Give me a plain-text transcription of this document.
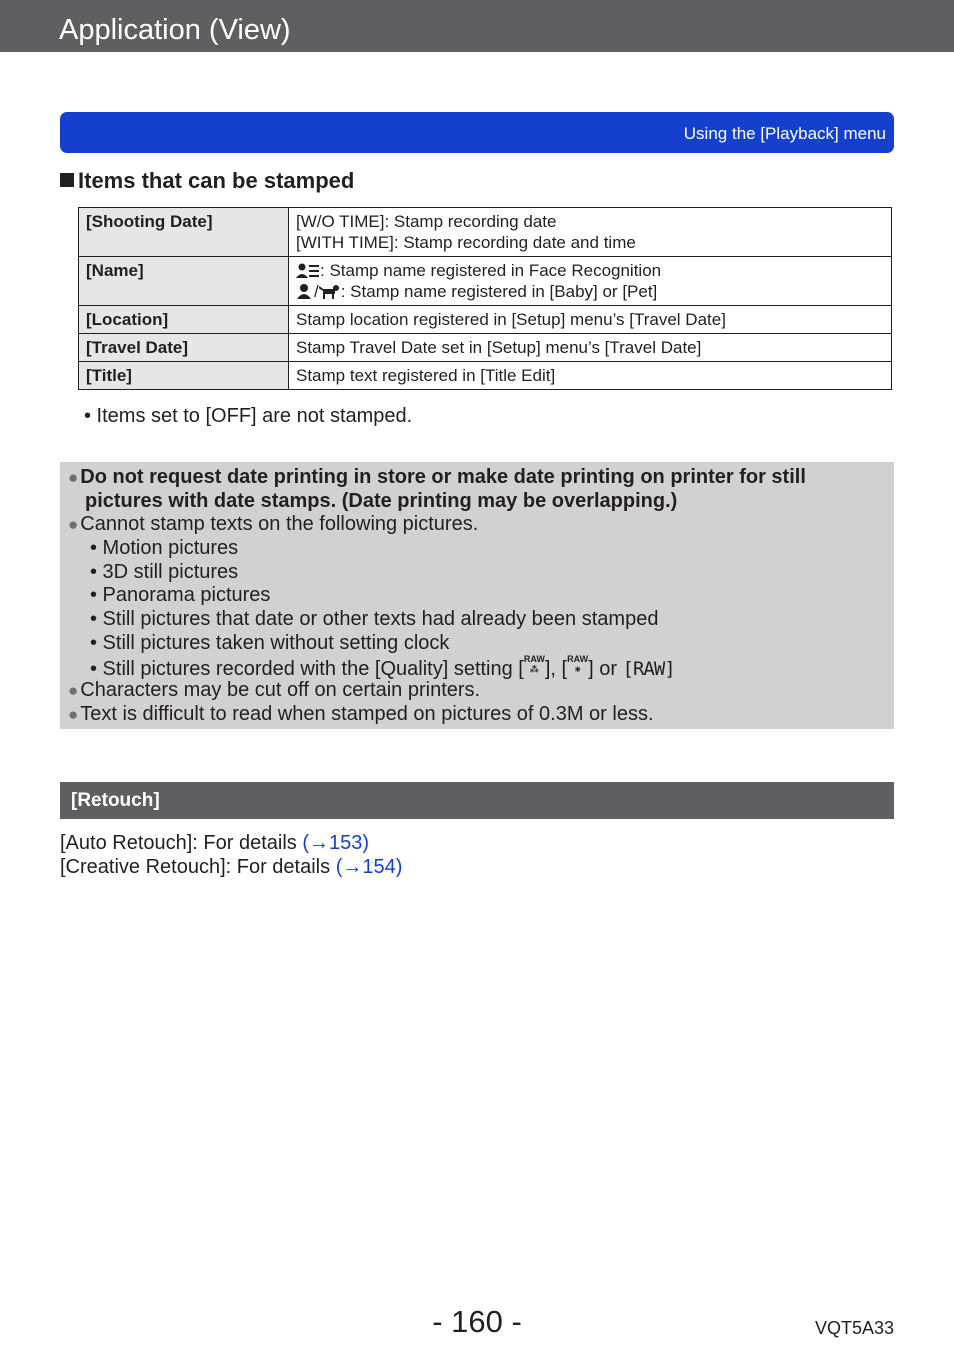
Application (View)
Using the [Playback] menu
Items that can be stamped
[Shooting Date]	[W/O TIME]: Stamp recording date
[WITH TIME]: Stamp recording date and time

[Name]	: Stamp name registered in Face Recognition
/ : Stamp name registered in [Baby] or [Pet]

[Location]	Stamp location registered in [Setup] menu’s [Travel Date]
[Travel Date]	Stamp Travel Date set in [Setup] menu’s [Travel Date]
[Title]	Stamp text registered in [Title Edit]
• Items set to [OFF] are not stamped.
● Do not request date printing in store or make date printing on printer for still
pictures with date stamps. (Date printing may be overlapping.)
● Cannot stamp texts on the following pictures.
• Motion pictures
• 3D still pictures
• Panorama pictures
• Still pictures that date or other texts had already been stamped
• Still pictures taken without setting clock
• Still pictures recorded with the [Quality] setting [RAW
⁂ ], [RAW
∗ ] or [RAW]
● Characters may be cut off on certain printers.
● Text is difficult to read when stamped on pictures of 0.3M or less.
[Retouch]
[Auto Retouch]: For details (→153)
[Creative Retouch]: For details (→154)
- 160 -	VQT5A33
